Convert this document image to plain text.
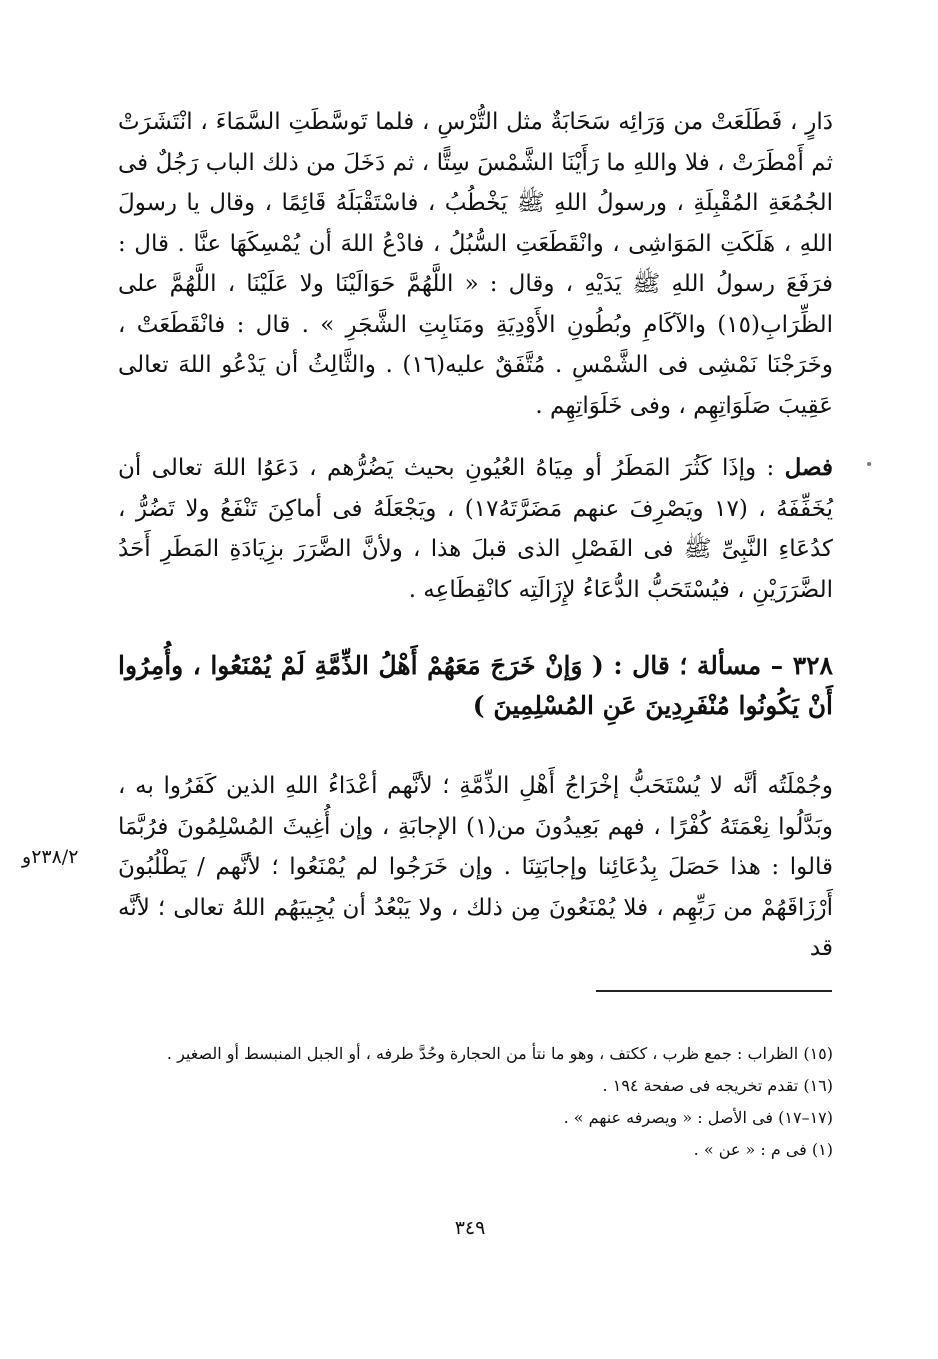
دَارٍ ، فَطَلَعَتْ من وَرَائِه سَحَابَةٌ مثل التُّرْسِ ، فلما تَوسَّطَتِ السَّمَاءَ ، انْتَشَرَتْ ثم أَمْطَرَتْ ، فلا واللهِ ما رَأَيْنَا الشَّمْسَ سِتًّا ، ثم دَخَلَ من ذلك الباب رَجُلٌ فى الجُمُعَةِ المُقْبِلَةِ ، ورسولُ اللهِ ﷺ يَخْطُبُ ، فاسْتَقْبَلَهُ قَائِمًا ، وقال يا رسولَ اللهِ ، هَلَكَتِ المَوَاشِى ، وانْقَطَعَتِ السُّبُلُ ، فادْعُ اللهَ أن يُمْسِكَهَا عنَّا . قال : فرَفَعَ رسولُ اللهِ ﷺ يَدَيْهِ ، وقال : « اللَّهُمَّ حَوَالَيْنَا ولا عَلَيْنَا ، اللَّهُمَّ على الظِّرَابِ(١٥) والآكَامِ وبُطُونِ الأَوْدِيَةِ ومَنَابِتِ الشَّجَرِ » . قال : فانْقَطَعَتْ ، وخَرَجْنَا نَمْشِى فى الشَّمْسِ . مُتَّفَقٌ عليه(١٦) . والثَّالِثُ أن يَدْعُو اللهَ تعالى عَقِيبَ صَلَوَاتِهِم ، وفى خَلَوَاتِهِم .
فصل : وإذَا كَثُرَ المَطَرُ أو مِيَاهُ العُيُونِ بحيث يَضُرُّهم ، دَعَوُا اللهَ تعالى أن يُخَفِّفَهُ ، (١٧ ويَصْرِفَ عنهم مَضَرَّتَهُ١٧) ، ويَجْعَلَهُ فى أماكِنَ تَنْفَعُ ولا تَضُرُّ ، كدُعَاءِ النَّبِىِّ ﷺ فى الفَصْلِ الذى قبلَ هذا ، ولأنَّ الضَّرَرَ بزِيَادَةِ المَطَرِ أَحَدُ الضَّرَرَيْنِ ، فيُسْتَحَبُّ الدُّعَاءُ لإِزَالَتِه كانْقِطَاعِه .
٣٢٨ – مسألة ؛ قال : ( وَإنْ خَرَجَ مَعَهُمْ أَهْلُ الذِّمَّةِ لَمْ يُمْنَعُوا ، وأُمِرُوا أَنْ يَكُونُوا مُنْفَرِدِينَ عَنِ المُسْلِمِينَ )
وجُمْلَتُه أنَّه لا يُسْتَحَبُّ إخْرَاجُ أَهْلِ الذِّمَّةِ ؛ لأنَّهم أعْدَاءُ اللهِ الذين كَفَرُوا به ، وبَدَّلُوا نِعْمَتَهُ كُفْرًا ، فهم بَعِيدُونَ من(١) الإجابَةِ ، وإن أُغِيثَ المُسْلِمُونَ فرُبَّمَا قالوا : هذا حَصَلَ بِدُعَائِنا وإجابَتِنَا . وإن خَرَجُوا لم يُمْنَعُوا ؛ لأنَّهم / يَطْلُبُونَ أَرْزَاقَهُمْ من رَبِّهِم ، فلا يُمْنَعُونَ مِن ذلك ، ولا يَبْعُدُ أن يُجِيبَهُم اللهُ تعالى ؛ لأنَّه قد
٢٣٨/٢و

(١٥) الظراب : جمع ظرب ، ككتف ، وهو ما نتأ من الحجارة وحُدَّ طرفه ، أو الجبل المنبسط أو الصغير .

(١٦) تقدم تخريجه فى صفحة ١٩٤ .

(١٧–١٧) فى الأصل : « ويصرفه عنهم » .

(١) فى م : « عن » .

٣٤٩
